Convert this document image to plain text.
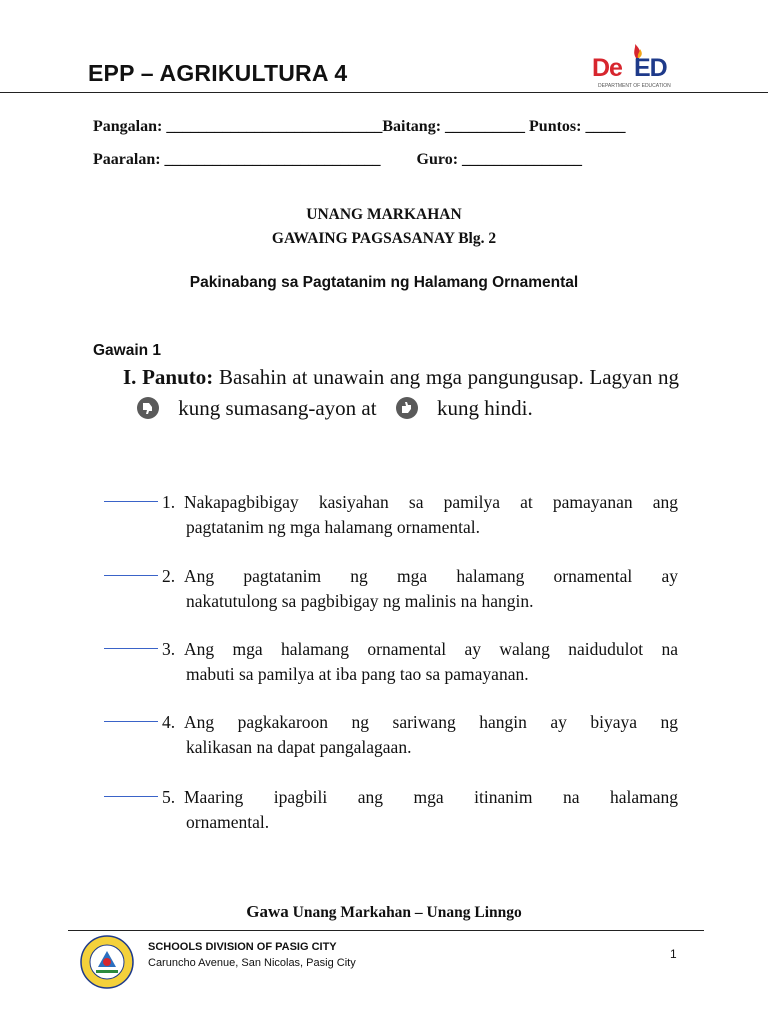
EPP – AGRIKULTURA 4	De ED
DEPARTMENT OF EDUCATION
Pangalan: ___________________________Baitang: __________ Puntos: _____
Paaralan: ___________________________         Guro: _______________
UNANG MARKAHAN
GAWAING PAGSASANAY Blg. 2
Pakinabang sa Pagtatanim ng Halamang Ornamental
Gawain 1
I. Panuto: Basahin at unawain ang mga pangungusap. Lagyan ng
kung sumasang-ayon at	kung hindi.
1. Nakapagbibigay kasiyahan sa pamilya at pamayanan ang
pagtatanim ng mga halamang ornamental.
2. Ang pagtatanim ng mga halamang ornamental ay
nakatutulong sa pagbibigay ng malinis na hangin.
3. Ang mga halamang ornamental ay walang naidudulot na
mabuti sa pamilya at iba pang tao sa pamayanan.
4. Ang pagkakaroon ng sariwang hangin ay biyaya ng
kalikasan na dapat pangalagaan.
5. Maaring ipagbili ang mga itinanim na halamang
ornamental.
Gawa Unang Markahan – Unang Linngo
SCHOOLS DIVISION OF PASIG CITY
Caruncho Avenue, San Nicolas, Pasig City
1
